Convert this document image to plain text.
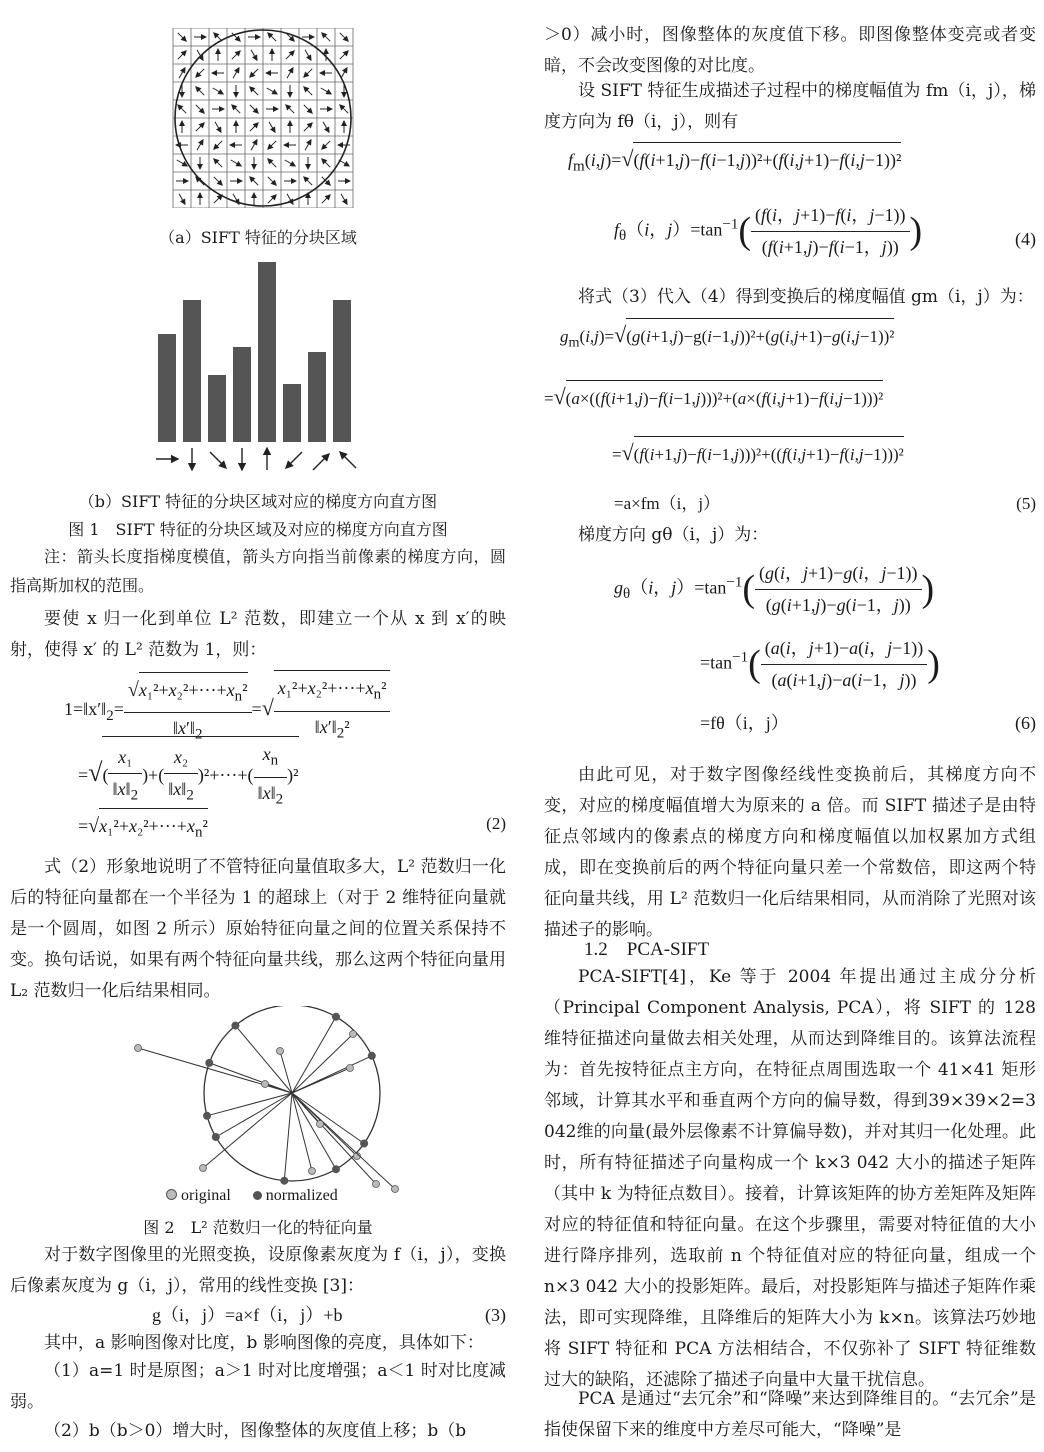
（a）SIFT 特征的分块区域
（b）SIFT 特征的分块区域对应的梯度方向直方图
图 1　SIFT 特征的分块区域及对应的梯度方向直方图

注：箭头长度指梯度模值，箭头方向指当前像素的梯度方向，圆指高斯加权的范围。

要使 x 归一化到单位 L² 范数，即建立一个从 x 到 x′的映射，使得 x′ 的 L² 范数为 1，则：

$1=‖x'‖_2= \frac{√x_1^2+x_2^2+\cdot\cdot\cdot+x_n^2}{‖x'‖_2}$ =√ $\frac{x_1^2+x_2^2+\cdot\cdot\cdot+x_n^2}{‖x'‖_2^2}$
=√( $\frac{\text{x₁}}{‖x‖_2}$ )+( $\frac{\text{x₂}}{‖x‖_2} )^2+\cdot\cdot\cdot+( \frac{x_n}{‖x‖_2} )^2$
$=√x_1^2+x_2^2+\cdot\cdot\cdot+x_n^2$	(2)

式（2）形象地说明了不管特征向量值取多大，L² 范数归一化后的特征向量都在一个半径为 1 的超球上（对于 2 维特征向量就是一个圆周，如图 2 所示）原始特征向量之间的位置关系保持不变。换句话说，如果有两个特征向量共线，那么这两个特征向量用 L₂ 范数归一化后结果相同。

original normalized
图 2　L² 范数归一化的特征向量

对于数字图像里的光照变换，设原像素灰度为 f（i，j），变换后像素灰度为 g（i，j），常用的线性变换 [3]：

g（i，j）=a×f（i，j）+b	(3)

其中，a 影响图像对比度，b 影响图像的亮度，具体如下：

（1）a=1 时是原图；a＞1 时对比度增强；a＜1 时对比度减弱。

（2）b（b＞0）增大时，图像整体的灰度值上移；b（b

＞0）减小时，图像整体的灰度值下移。即图像整体变亮或者变暗，不会改变图像的对比度。

设 SIFT 特征生成描述子过程中的梯度幅值为 fm（i，j），梯度方向为 fθ（i，j），则有

$f_m(i,j)=√(f(i+1,j)-f(i-1,j))^2+(f(i,j+1)-f(i,j-1))^2$
$f_\theta(i$，$j)=\tan^{-1}( \frac{(f(i,j+1)-f(i,j-1))}{(f(i+1,j)-f(i-1,j))}$ )	(4)

将式（3）代入（4）得到变换后的梯度幅值 gm（i，j）为：

$g_m(i,j)=√(g(i+1,j)-g(i-1,j))^2+(g(i,j+1)-g(i,j-1))^2$
=√(a×((f(i+1,j)−f(i−1,j)))²+(a×(f(i,j+1)−f(i,j−1)))²
=√(f(i+1,j)−f(i−1,j)))²+((f(i,j+1)−f(i,j−1)))²
=a×fm（i，j）	(5)

梯度方向 gθ（i，j）为：

$g_\theta(i$，$j)=\tan^{-1}( \frac{(g(i,j+1)-g(i,j-1))}{(g(i+1,j)-g(i-1,j))}$ )
$=\tan^{-1}( \frac{(a(i,j+1)-a(i,j-1))}{(a(i+1,j)-a(i-1,j))}$ )
=fθ（i，j）	(6)

由此可见，对于数字图像经线性变换前后，其梯度方向不变，对应的梯度幅值增大为原来的 a 倍。而 SIFT 描述子是由特征点邻域内的像素点的梯度方向和梯度幅值以加权累加方式组成，即在变换前后的两个特征向量只差一个常数倍，即这两个特征向量共线，用 L² 范数归一化后结果相同，从而消除了光照对该描述子的影响。

1.2　PCA-SIFT

PCA-SIFT[4]，Ke 等于 2004 年提出通过主成分分析（Principal Component Analysis, PCA），将 SIFT 的 128 维特征描述向量做去相关处理，从而达到降维目的。该算法流程为：首先按特征点主方向，在特征点周围选取一个 41×41 矩形邻域，计算其水平和垂直两个方向的偏导数，得到39×39×2=3 042维的向量(最外层像素不计算偏导数)，并对其归一化处理。此时，所有特征描述子向量构成一个 k×3 042 大小的描述子矩阵（其中 k 为特征点数目）。接着，计算该矩阵的协方差矩阵及矩阵对应的特征值和特征向量。在这个步骤里，需要对特征值的大小进行降序排列，选取前 n 个特征值对应的特征向量，组成一个 n×3 042 大小的投影矩阵。最后，对投影矩阵与描述子矩阵作乘法，即可实现降维，且降维后的矩阵大小为 k×n。该算法巧妙地将 SIFT 特征和 PCA 方法相结合，不仅弥补了 SIFT 特征维数过大的缺陷，还滤除了描述子向量中大量干扰信息。

PCA 是通过“去冗余”和“降噪”来达到降维目的。“去冗余”是指使保留下来的维度中方差尽可能大，“降噪”是
